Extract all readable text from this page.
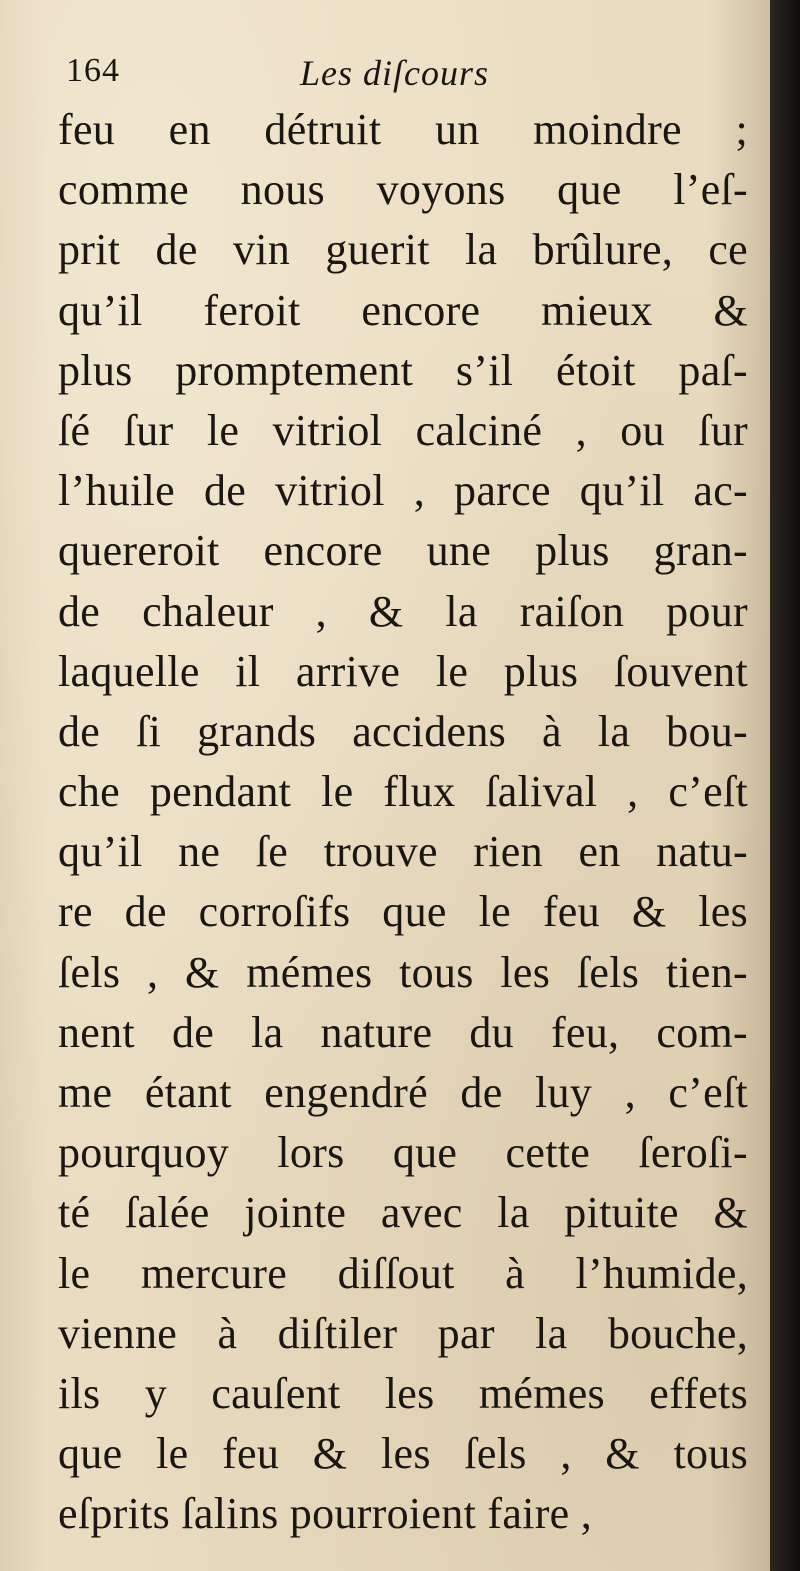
164	Les diſcours
feu en détruit un moindre ;
comme nous voyons que l’eſ-
prit de vin guerit la brûlure, ce
qu’il feroit encore mieux &
plus promptement s’il étoit paſ-
ſé ſur le vitriol calciné , ou ſur
l’huile de vitriol , parce qu’il ac-
quereroit encore une plus gran-
de chaleur , & la raiſon pour
laquelle il arrive le plus ſouvent
de ſi grands accidens à la bou-
che pendant le flux ſalival , c’eſt
qu’il ne ſe trouve rien en natu-
re de corroſifs que le feu & les
ſels , & mémes tous les ſels tien-
nent de la nature du feu, com-
me étant engendré de luy , c’eſt
pourquoy lors que cette ſeroſi-
té ſalée jointe avec la pituite &
le mercure diſſout à l’humide,
vienne à diſtiler par la bouche,
ils y cauſent les mémes effets
que le feu & les ſels , & tous
eſprits ſalins pourroient faire ,
